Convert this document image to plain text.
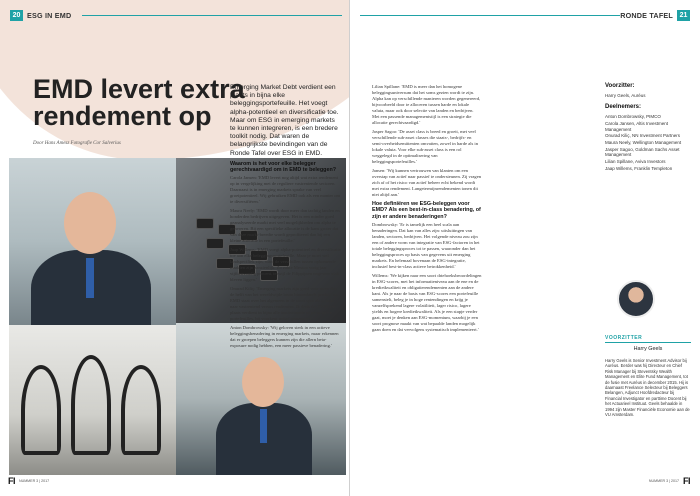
20 ESG IN EMD
EMD levert extra rendement op
Door Hans Amesz Fotografie Cor Salverius

Emerging Market Debt verdient een plaats in bijna elke beleggingsportefeuille. Het voegt alpha-potentieel en diversificatie toe. Maar om ESG in emerging markets te kunnen integreren, is een bredere toolkit nodig. Dat waren de belangrijkste bevindingen van de Ronde Tafel over ESG in EMD.

Waarom is het voor elke belegger gerechtvaardigd om in EMD te beleggen?

Carola Jansen: 'EMD levert nog altijd wat extra rendement op in vergelijking met de reguliere vastrentende sectoren. Daarnaast is in emerging markets sprake van veel groeipotentieel. Wij gebruiken EMD ook als een manier om te diversifiëren.'

Maura Neely: 'EMD wordt door meer dan tachtig landen en honderden bedrijven uitgegeven. Het is een minder goed geanalyseerde markt met veel mogelijkheden om alpha te genereren. Bij een specifieke allocatie is de kans groter dat van deze markt-breedte wordt geprofiteerd dan bij een kleine allocatie in een portefeuille.'

Jaap Willems: 'EMD voegt alpha-potentieel en diversificatie toe aan elke beleggingsportefeuille. Maar je moet wel landspecifiek zijn, want de verschillen tussen opkomende markten zijn aanzienlijk. Zo zakte Mexico vorig jaar vijftienvoudig procent, terwijl de Filippijnen ongeveer vlak bleven liggen.'

Onurad Kiliç: 'Emerging markets zijn goed voor meer dan de helft van het wereldwijde bruto binnenlands product en EMD staat over het algemeen in de soort spot als je kijkt naar vastrentend versus rendement. Ik denk dat EMD een plaats verdient in bijna alle institutionele of particuliere portefeuilles, bij voorkeur actief gemanaged.'

Anton Dombrowsky: 'Wij geloven sterk in een actieve beleggingsbenadering in emerging markets, maar erkennen dat er groepen beleggers kunnen zijn die allern beta-exposure nodig hebben, een meer passieve benadering.'

FI NUMMER 3 | 2017
RONDE TAFEL 21
FI
NUMMER 3 | 2017

Lilian Spillane: 'EMD is meer dan het homogene beleggingsuniversum dat het soms gezien wordt te zijn. Alpha kan op verschillende manieren worden gegenereerd, bijvoorbeeld door te alloceren tussen harde en lokale valuta, maar ook door selectie van landen en bedrijven. Met een passende managementstijl is een strategie die allocatie gerechtvaardigd.'

Jasper Sagoo: 'De asset class is breed en groeit, met veel verschillende sub-asset classes die staats-, bedrijfs- en semi-overheidsemittenten omvatten, zowel in harde als in lokale valuta. Voor elke sub-asset class is een rol weggelegd in de optimalisering van beleggingsportefeuilles.'

Jansen: 'Wij kunnen vertrouwen van klanten om een overstap van actief naar passief te ondersteunen. Zij vragen zich af of het risico van actief beheer echt bekend wordt met extra rendement. Langetermijnrendementen tonen dit niet altijd aan.'

Hoe definiëren we ESG-beleggen voor EMD? Als een best-in-class benadering, of zijn er andere benaderingen?

Dombrowsky: 'Er is tamelijk een heel scala aan benaderingen. Dat kan van alles zijn: uitsluitingen van landen, sectoren, bedrijven. Het volgende niveau zou zijn een of andere vorm van integratie van ESG-factoren in het totale beleggingsproces tot te passen, waaronder dan het beleggingsproces op basis van gegevens uit emerging markets. En helemaal bovenaan de ESG-integratie, inclusief best-in-class actieve betrokkenheid.'

Willems: 'We kijken naar een soort driehoeksbeoordelingen in ESG-scores, met het informatieniveau aan de ene en de kredietkwaliteit en obligatierendementen aan de andere kant. Als je naar de basis van ESG-scores een portefeuille samenstelt, beleg je in hoge rentendingen en krijg je vanzelfsprekend lagere volatiliteit, lager risico, lagere yields en hogere kredietkwaliteit. Als je een stapje verder gaat, moet je denken aan ESG-momentum, waarbij je een soort prognose maakt van wat bepaalde landen mogelijk gaan doen en dat vervolgens systematisch implementeert.'

Voorzitter:

Harry Geels, Auréus

Deelnemers:

Anton Dombrowsky, PIMCO

Carola Jansen, Altis Investment Management

Onurad Kiliç, NN Investment Partners

Maura Neely, Wellington Management

Jasper Sagoo, Goldman Sachs Asset Management

Lilian Spillane, Aviva Investors

Jaap Willems, Franklin Templeton

VOORZITTER
Harry Geels
Harry Geels is Senior Investment Advisor bij Auréus. Eerder was hij Directeur en Chief Risk Manager bij Steventsky Wealth Management en Elite Fund Management, tot de fusie met Auréus in december 2015. Hij is daarnaast Freelance Selecteur bij Beleggers Belangen, Adjunct Hoofdredacteur bij Financial Investigator en parttime Docent bij het Actuarieel Instituut. Geels behaalde in 1994 zijn Master Financiële Economie aan de VU Amsterdam.
